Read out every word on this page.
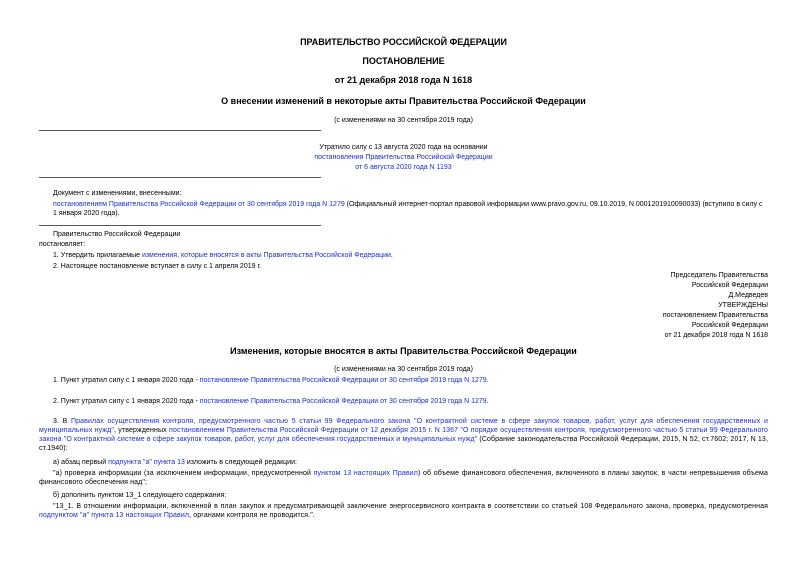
ПРАВИТЕЛЬСТВО РОССИЙСКОЙ ФЕДЕРАЦИИ
ПОСТАНОВЛЕНИЕ
от 21 декабря 2018 года N 1618
О внесении изменений в некоторые акты Правительства Российской Федерации
(с изменениями на 30 сентября 2019 года)
Утратило силу с 13 августа 2020 года на основании
постановления Правительства Российской Федерации
от 6 августа 2020 года N 1193
Документ с изменениями, внесенными:
постановлением Правительства Российской Федерации от 30 сентября 2019 года N 1279 (Официальный интернет-портал правовой информации www.pravo.gov.ru, 09.10.2019, N 0001201910090033) (вступило в силу с 1 января 2020 года).
Правительство Российской Федерации
постановляет:
1. Утвердить прилагаемые изменения, которые вносятся в акты Правительства Российской Федерации.
2. Настоящее постановление вступает в силу с 1 апреля 2019 г.
Председатель Правительства
Российской Федерации
Д.Медведев
УТВЕРЖДЕНЫ
постановлением Правительства
Российской Федерации
от 21 декабря 2018 года N 1618
Изменения, которые вносятся в акты Правительства Российской Федерации
(с изменениями на 30 сентября 2019 года)
1. Пункт утратил силу с 1 января 2020 года - постановление Правительства Российской Федерации от 30 сентября 2019 года N 1279.
2. Пункт утратил силу с 1 января 2020 года - постановление Правительства Российской Федерации от 30 сентября 2019 года N 1279.
3. В Правилах осуществления контроля, предусмотренного частью 5 статьи 99 Федерального закона "О контрактной системе в сфере закупок товаров, работ, услуг для обеспечения государственных и муниципальных нужд", утвержденных постановлением Правительства Российской Федерации от 12 декабря 2015 г. N 1367 "О порядке осуществления контроля, предусмотренного частью 5 статьи 99 Федерального закона "О контрактной системе в сфере закупок товаров, работ, услуг для обеспечения государственных и муниципальных нужд" (Собрание законодательства Российской Федерации, 2015, N 52, ст.7602; 2017, N 13, ст.1940):
а) абзац первый подпункта "а" пункта 13 изложить в следующей редакции:
"а) проверка информации (за исключением информации, предусмотренной пунктом 13 настоящих Правил) об объеме финансового обеспечения, включенного в планы закупок, в части непревышения объема финансового обеспечения над";
б) дополнить пунктом 13_1 следующего содержания:
"13_1. В отношении информации, включенной в план закупок и предусматривающей заключение энергосервисного контракта в соответствии со статьей 108 Федерального закона, проверка, предусмотренная подпунктом "а" пункта 13 настоящих Правил, органами контроля не проводится.".
